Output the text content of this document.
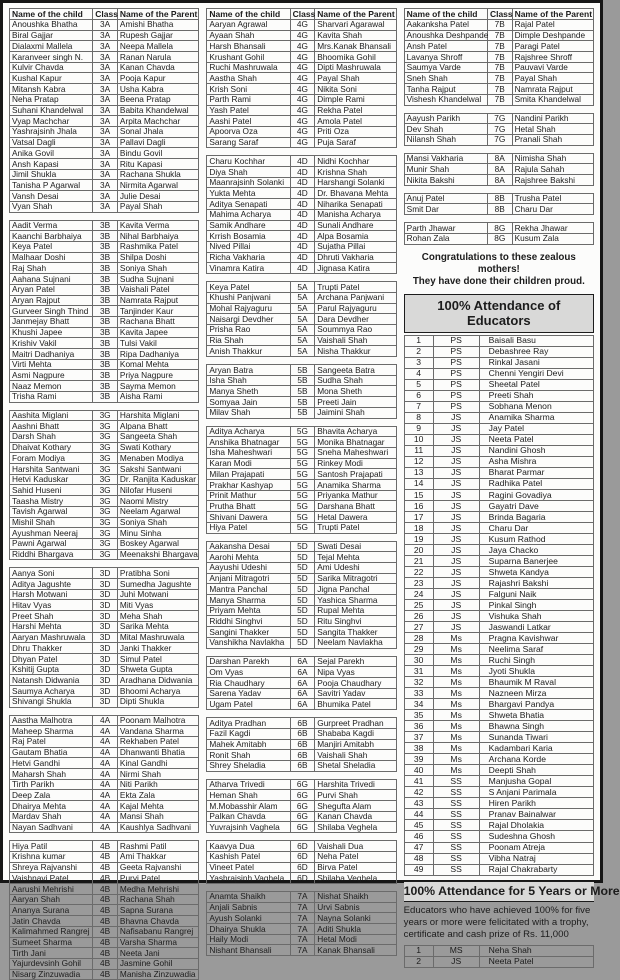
Name of the child	Class	Name of the Parent
Anoushka Bhatha	3A	Amishi Bhatha
Biral Gajjar	3A	Rupesh Gajjar
Dialaxmi Mallela	3A	Neepa Mallela
Karanveer singh N.	3A	Ranan Narula
Kulvir Chavda	3A	Kanan Chavda
Kushal Kapur	3A	Pooja Kapur
Mitansh Kabra	3A	Usha Kabra
Neha Pratap	3A	Beena Pratap
Suhani Khandelwal	3A	Babita Khandelwal
Vyap Machchar	3A	Arpita Machchar
Yashrajsinh Jhala	3A	Sonal Jhala
Vatsal Dagli	3A	Pallavi Dagli
Anika Govil	3A	Bindu Govil
Ansh Kapasi	3A	Ritu Kapasi
Jimil Shukla	3A	Rachana Shukla
Tanisha P Agarwal	3A	Nirmita Agarwal
Vansh Desai	3A	Julie Desai
Vyan Shah	3A	Payal Shah
Aadit Verma	3B	Kavita Verma
Kaanchi Barbhaiya	3B	Nihal Barbhaiya
Keya Patel	3B	Rashmika Patel
Malhaar Doshi	3B	Shilpa Doshi
Raj Shah	3B	Soniya Shah
Aahana Sujnani	3B	Sudha Sujnani
Aryan Patel	3B	Vaishali Patel
Aryan Rajput	3B	Namrata Rajput
Gurveer Singh Thind	3B	Tanjinder Kaur
Janmejay Bhatt	3B	Rachana Bhatt
Khushi Japee	3B	Kavita Japee
Krishiv Vakil	3B	Tulsi Vakil
Maitri Dadhaniya	3B	Ripa Dadhaniya
Virti Mehta	3B	Komal Mehta
Asmi Nagpure	3B	Priya Nagpure
Naaz Memon	3B	Sayma Memon
Trisha Rami	3B	Aisha Rami
Aashita Miglani	3G	Harshita Miglani
Aashni Bhatt	3G	Alpana Bhatt
Darsh Shah	3G	Sangeeta Shah
Dhaivat Kothary	3G	Swati Kothary
Foram Modiya	3G	Menaben Modiya
Harshita Santwani	3G	Sakshi Santwani
Hetvi Kaduskar	3G	Dr. Ranjita Kaduskar
Sahid Huseni	3G	Nilofar Huseni
Taasha Mistry	3G	Naomi Mistry
Tavish Agarwal	3G	Neelam Agarwal
Mishil Shah	3G	Soniya Shah
Ayushman Neeraj	3G	Minu Sinha
Pawni Agarwal	3G	Boskey Agarwal
Riddhi Bhargava	3G	Meenakshi Bhargava
Aanya Soni	3D	Pratibha Soni
Aditya Jagushte	3D	Sumedha Jagushte
Harsh Motwani	3D	Juhi Motwani
Hitav Vyas	3D	Miti Vyas
Preet Shah	3D	Meha Shah
Harshi Mehta	3D	Sarika Mehta
Aaryan Mashruwala	3D	Mital Mashruwala
Dhru Thakker	3D	Janki Thakker
Dhyan Patel	3D	Simul Patel
Kshitij Gupta	3D	Shweta Gupta
Natansh Didwania	3D	Aradhana Didwania
Saumya Acharya	3D	Bhoomi Acharya
Shivangi Shukla	3D	Dipti Shukla
Aastha Malhotra	4A	Poonam Malhotra
Maheep Sharma	4A	Vandana Sharma
Raj Patel	4A	Rekhaben Patel
Gautam Bhatia	4A	Dhanwanti Bhatia
Hetvi Gandhi	4A	Kinal Gandhi
Maharsh Shah	4A	Nirmi Shah
Tirth Parikh	4A	Niti Parikh
Deep Zala	4A	Ekta Zala
Dhairya Mehta	4A	Kajal Mehta
Mardav Shah	4A	Mansi Shah
Nayan Sadhvani	4A	Kaushlya Sadhvani
Hiya Patil	4B	Rashmi Patil
Krishna kumar	4B	Ami Thakkar
Shreya Rajvanshi	4B	Geeta Rajvanshi
Vaishnavi Patel	4B	Purvi Patel
Aarushi Mehrishi	4B	Medha Mehrishi
Aaryan Shah	4B	Rachana Shah
Ananya Surana	4B	Sapna Surana
Jatin Chavda	4B	Bhavna Chavda
Kalimahmed Rangrej	4B	Nafisabanu Rangrej
Sumeet Sharma	4B	Varsha Sharma
Tirth Jani	4B	Neeta Jani
Yajurdevsinh Gohil	4B	Jasmine Gohil
Nisarg Zinzuwadia	4B	Manisha Zinzuwadia
Name of the child	Class	Name of the Parent
Aaryan Agrawal	4G	Sharvari Agarawal
Ayaan Shah	4G	Kavita Shah
Harsh Bhansali	4G	Mrs.Kanak Bhansali
Krushant Gohil	4G	Bhoomika Gohil
Ruchi Mashruwala	4G	Dipti Mashruwala
Aastha Shah	4G	Payal Shah
Krish Soni	4G	Nikita Soni
Parth Rami	4G	Dimple Rami
Yash Patel	4G	Rekha Patel
Aashi Patel	4G	Amola Patel
Apoorva Oza	4G	Priti Oza
Sarang Saraf	4G	Puja Saraf
Charu Kochhar	4D	Nidhi Kochhar
Diya Shah	4D	Krishna Shah
Maanrajsinh Solanki	4D	Harshangi Solanki
Yukta Mehta	4D	Dr. Bhavana Mehta
Aditya Senapati	4D	Niharika Senapati
Mahima Acharya	4D	Manisha Acharya
Samik Andhare	4D	Sunali Andhare
Krrish Bosamia	4D	Alpa Bosamia
Nived Pillai	4D	Sujatha Pillai
Richa Vakharia	4D	Dhruti Vakharia
Vinamra Katira	4D	Jignasa Katira
Keya Patel	5A	Trupti Patel
Khushi Panjwani	5A	Archana Panjwani
Mohal Rajyaguru	5A	Parul Rajyaguru
Naisargi Devdher	5A	Dara Devdher
Prisha Rao	5A	Soummya Rao
Ria Shah	5A	Vaishali Shah
Anish Thakkur	5A	Nisha Thakkur
Aryan Batra	5B	Sangeeta Batra
Isha Shah	5B	Sudha Shah
Manya Sheth	5B	Mona Sheth
Somyaa Jain	5B	Preeti Jain
Milav Shah	5B	Jaimini Shah
Aditya Acharya	5G	Bhavita Acharya
Anshika Bhatnagar	5G	Monika Bhatnagar
Isha Maheshwari	5G	Sneha Maheshwari
Karan Modi	5G	Rinkey Modi
Milan Prajapati	5G	Santosh Prajapati
Prakhar Kashyap	5G	Anamika Sharma
Prinit Mathur	5G	Priyanka Mathur
Prutha Bhatt	5G	Darshana Bhatt
Shivani Dawera	5G	Hetal Dawera
Hiya Patel	5G	Trupti Patel
Aakansha Desai	5D	Swati Desai
Aarohi Mehta	5D	Tejal Mehta
Aayushi Udeshi	5D	Ami Udeshi
Anjani Mitragotri	5D	Sarika Mitragotri
Mantra Panchal	5D	Jigna Panchal
Manya Sharma	5D	Yashica Sharma
Priyam Mehta	5D	Rupal Mehta
Riddhi Singhvi	5D	Ritu Singhvi
Sangini Thakker	5D	Sangita Thakker
Vanshikha Navlakha	5D	Neelam Navlakha
Darshan Parekh	6A	Sejal Parekh
Om Vyas	6A	Nipa Vyas
Ria Chaudhary	6A	Pooja Chaudhary
Sarena Yadav	6A	Savitri Yadav
Ugam Patel	6A	Bhumika Patel
Aditya Pradhan	6B	Gurpreet Pradhan
Fazil Kagdi	6B	Shababa Kagdi
Mahek Amitabh	6B	Manjiri Amitabh
Ronit Shah	6B	Vaishali Shah
Shrey Sheladia	6B	Shetal Sheladia
Atharva Trivedi	6G	Harshita Trivedi
Heman Shah	6G	Purvi Shah
M.Mobasshir Alam	6G	Shegufta Alam
Palkan Chavda	6G	Kanan Chavda
Yuvrajsinh Vaghela	6G	Shilaba Veghela
Kaavya Dua	6D	Vaishali Dua
Kashish Patel	6D	Neha Patel
Vineet Patel	6D	Birva Patel
Yashrajsinh Vaghela	6D	Shilaba Veghela
Anamta Shaikh	7A	Nishat Shaikh
Anjali Sabnis	7A	Urvi Sabnis
Ayush Solanki	7A	Nayna Solanki
Dhairya Shukla	7A	Aditi Shukla
Haily Modi	7A	Hetal Modi
Nishant Bhansali	7A	Kanak Bhansali
Name of the child	Class	Name of the Parent
Aakanksha Patel	7B	Rajal Patel
Anoushka Deshpande	7B	Dimple Deshpande
Ansh Patel	7B	Paragi Patel
Lavanya Shroff	7B	Rajshree Shroff
Saumya Varde	7B	Pauvavi Varde
Sneh Shah	7B	Payal Shah
Tanha Rajput	7B	Namrata Rajput
Vishesh Khandelwal	7B	Smita Khandelwal
Aayush Parikh	7G	Nandini Parikh
Dev Shah	7G	Hetal Shah
Nilansh Shah	7G	Pranali Shah
Mansi Vakharia	8A	Nimisha Shah
Munir Shah	8A	Rajula Sahah
Nikita Bakshi	8A	Rajshree Bakshi
Anuj Patel	8B	Trusha Patel
Smit Dar	8B	Charu Dar
Parth Jhawar	8G	Rekha Jhawar
Rohan Zala	8G	Kusum Zala
Congratulations to these zealous mothers!
They have done their children proud.
100% Attendance of Educators
1	PS	Baisali Basu
2	PS	Debashree Ray
3	PS	Rinkal Jasani
4	PS	Chenni Yengiri Devi
5	PS	Sheetal Patel
6	PS	Preeti Shah
7	PS	Sobhana Menon
8	JS	Anamika Sharma
9	JS	Jay Patel
10	JS	Neeta Patel
11	JS	Nandini Ghosh
12	JS	Asha Mishra
13	JS	Bharat Parmar
14	JS	Radhika Patel
15	JS	Ragini Govadiya
16	JS	Gayatri Dave
17	JS	Brinda Bagaria
18	JS	Charu Dar
19	JS	Kusum Rathod
20	JS	Jaya Chacko
21	JS	Suparna Banerjee
22	JS	Shweta Kandya
23	JS	Rajashri Bakshi
24	JS	Falguni Naik
25	JS	Pinkal Singh
26	JS	Vishuka Shah
27	JS	Jaswandi Latkar
28	Ms	Pragna Kavishwar
29	Ms	Neelima Saraf
30	Ms	Ruchi Singh
31	Ms	Jyoti Shukla
32	Ms	Bhaumik M Raval
33	Ms	Nazneen Mirza
34	Ms	Bhargavi Pandya
35	Ms	Shweta Bhatia
36	Ms	Bhawna Singh
37	Ms	Sunanda Tiwari
38	Ms	Kadambari Karia
39	Ms	Archana Korde
40	Ms	Deepti Shah
41	SS	Manjusha Gopal
42	SS	S Anjani Parimala
43	SS	Hiren Parikh
44	SS	Pranav Bainalwar
45	SS	Rajal Dholakia
46	SS	Sudeshna Ghosh
47	SS	Poonam Atreja
48	SS	Vibha Natraj
49	SS	Rajal Chakrabarty
100% Attendance for 5 Years or More

Educators who have achieved 100% for five years or more were felicitated with a trophy, certificate and cash prize of Rs. 11,000

1	MS	Neha Shah
2	JS	Neeta Patel
